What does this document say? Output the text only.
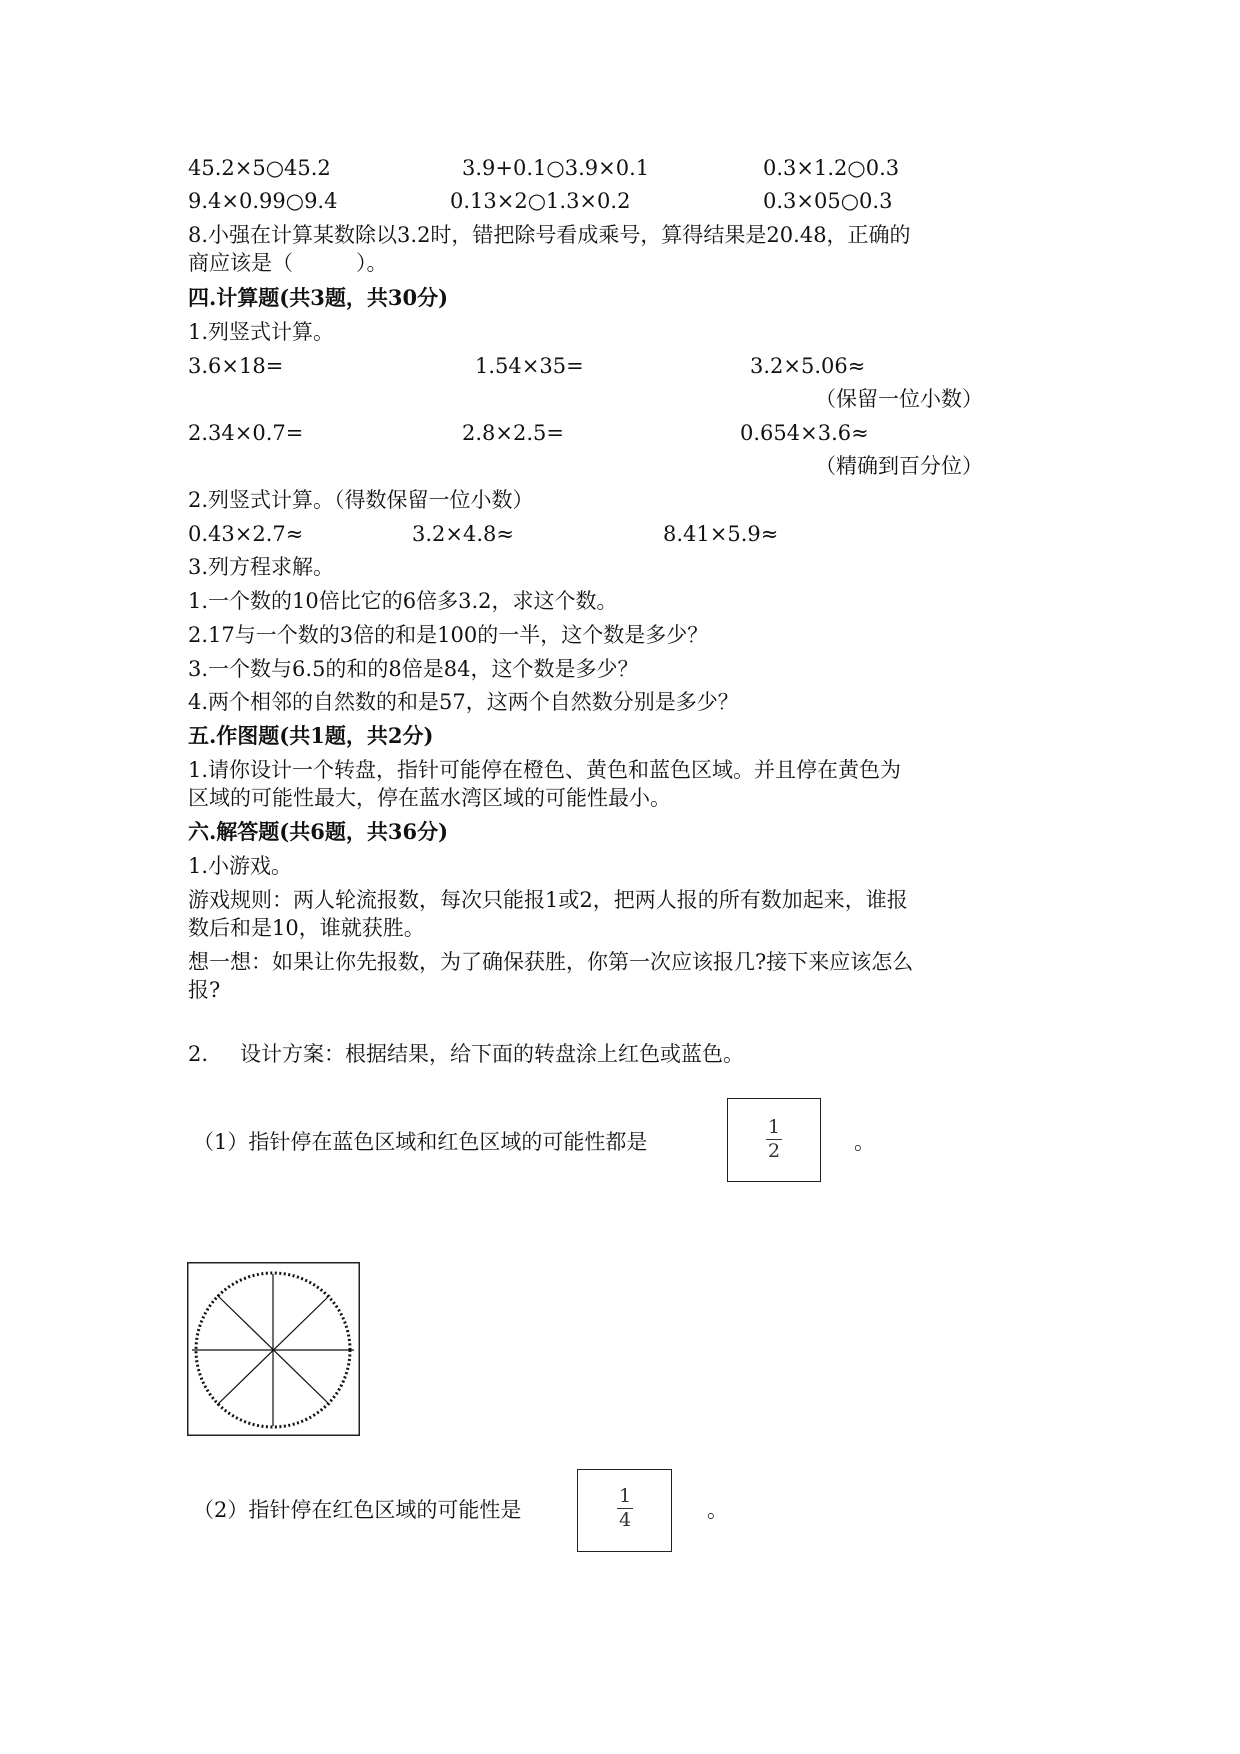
45.2×5○45.2	3.9+0.1○3.9×0.1	0.3×1.2○0.3
9.4×0.99○9.4	0.13×2○1.3×0.2	0.3×05○0.3
8.小强在计算某数除以3.2时，错把除号看成乘号，算得结果是20.48，正确的
商应该是（　　　）。
四.计算题(共3题，共30分)
1.列竖式计算。
3.6×18=	1.54×35=	3.2×5.06≈
（保留一位小数）
2.34×0.7=	2.8×2.5=	0.654×3.6≈
（精确到百分位）
2.列竖式计算。（得数保留一位小数）
0.43×2.7≈	3.2×4.8≈	8.41×5.9≈
3.列方程求解。
1.一个数的10倍比它的6倍多3.2，求这个数。
2.17与一个数的3倍的和是100的一半，这个数是多少？
3.一个数与6.5的和的8倍是84，这个数是多少？
4.两个相邻的自然数的和是57，这两个自然数分别是多少？
五.作图题(共1题，共2分)
1.请你设计一个转盘，指针可能停在橙色、黄色和蓝色区域。并且停在黄色为
区域的可能性最大，停在蓝水湾区域的可能性最小。
六.解答题(共6题，共36分)
1.小游戏。
游戏规则：两人轮流报数，每次只能报1或2，把两人报的所有数加起来，谁报
数后和是10，谁就获胜。
想一想：如果让你先报数，为了确保获胜，你第一次应该报几?接下来应该怎么
报?
2. 设计方案：根据结果，给下面的转盘涂上红色或蓝色。
（1）指针停在蓝色区域和红色区域的可能性都是
1
2	。
（2）指针停在红色区域的可能性是
1
4	。
